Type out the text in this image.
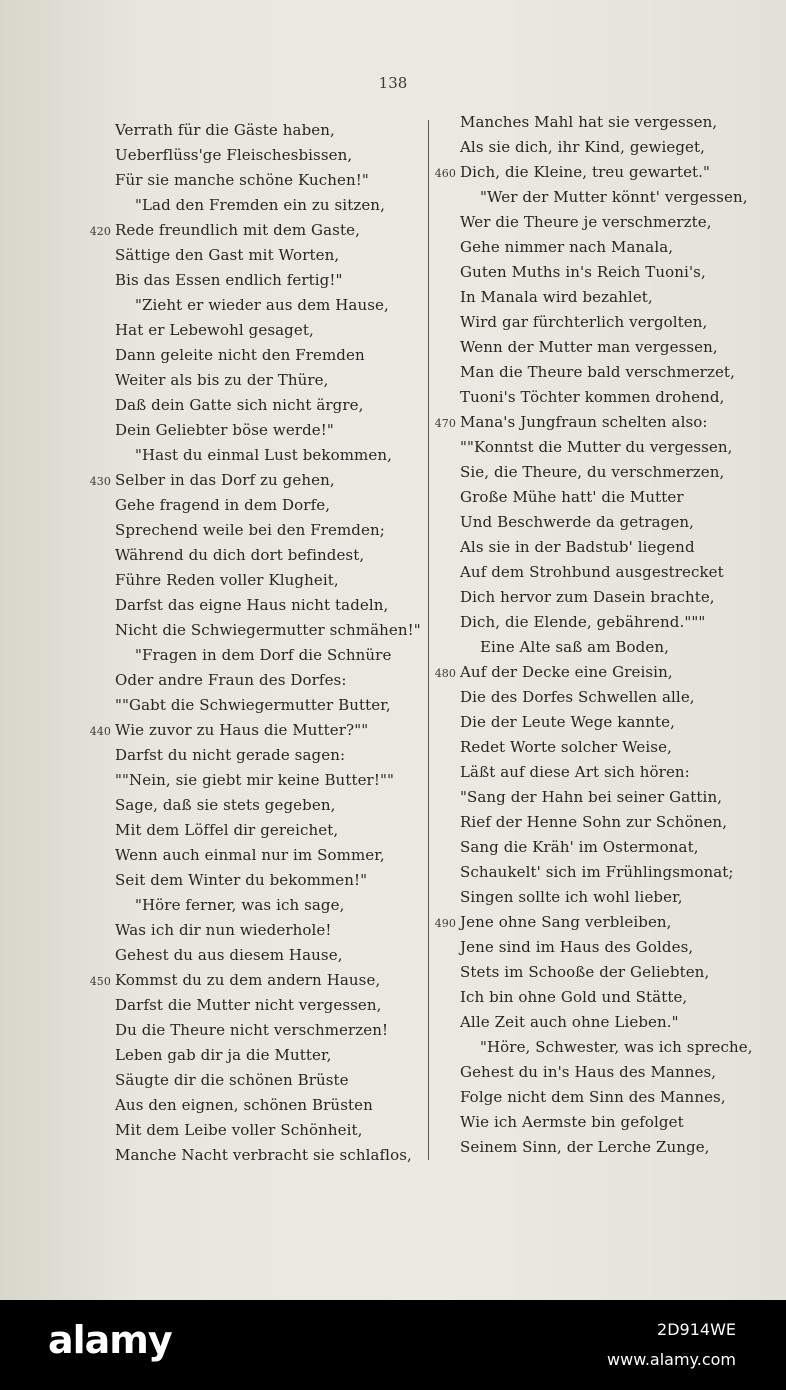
138
Verrath für die Gäste haben,
Ueberflüss'ge Fleischesbissen,
Für sie manche schöne Kuchen!"
"Lad den Fremden ein zu sitzen,
420 Rede freundlich mit dem Gaste,
Sättige den Gast mit Worten,
Bis das Essen endlich fertig!"
"Zieht er wieder aus dem Hause,
Hat er Lebewohl gesaget,
Dann geleite nicht den Fremden
Weiter als bis zu der Thüre,
Daß dein Gatte sich nicht ärgre,
Dein Geliebter böse werde!"
"Hast du einmal Lust bekommen,
430 Selber in das Dorf zu gehen,
Gehe fragend in dem Dorfe,
Sprechend weile bei den Fremden;
Während du dich dort befindest,
Führe Reden voller Klugheit,
Darfst das eigne Haus nicht tadeln,
Nicht die Schwiegermutter schmähen!"
"Fragen in dem Dorf die Schnüre
Oder andre Fraun des Dorfes:
""Gabt die Schwiegermutter Butter,
440 Wie zuvor zu Haus die Mutter?""
Darfst du nicht gerade sagen:
""Nein, sie giebt mir keine Butter!""
Sage, daß sie stets gegeben,
Mit dem Löffel dir gereichet,
Wenn auch einmal nur im Sommer,
Seit dem Winter du bekommen!"
"Höre ferner, was ich sage,
Was ich dir nun wiederhole!
Gehest du aus diesem Hause,
450 Kommst du zu dem andern Hause,
Darfst die Mutter nicht vergessen,
Du die Theure nicht verschmerzen!
Leben gab dir ja die Mutter,
Säugte dir die schönen Brüste
Aus den eignen, schönen Brüsten
Mit dem Leibe voller Schönheit,
Manche Nacht verbracht sie schlaflos,
Manches Mahl hat sie vergessen,
Als sie dich, ihr Kind, gewieget,
460 Dich, die Kleine, treu gewartet."
"Wer der Mutter könnt' vergessen,
Wer die Theure je verschmerzte,
Gehe nimmer nach Manala,
Guten Muths in's Reich Tuoni's,
In Manala wird bezahlet,
Wird gar fürchterlich vergolten,
Wenn der Mutter man vergessen,
Man die Theure bald verschmerzet,
Tuoni's Töchter kommen drohend,
470 Mana's Jungfraun schelten also:
""Konntst die Mutter du vergessen,
Sie, die Theure, du verschmerzen,
Große Mühe hatt' die Mutter
Und Beschwerde da getragen,
Als sie in der Badstub' liegend
Auf dem Strohbund ausgestrecket
Dich hervor zum Dasein brachte,
Dich, die Elende, gebährend."""
Eine Alte saß am Boden,
480 Auf der Decke eine Greisin,
Die des Dorfes Schwellen alle,
Die der Leute Wege kannte,
Redet Worte solcher Weise,
Läßt auf diese Art sich hören:
"Sang der Hahn bei seiner Gattin,
Rief der Henne Sohn zur Schönen,
Sang die Kräh' im Ostermonat,
Schaukelt' sich im Frühlingsmonat;
Singen sollte ich wohl lieber,
490 Jene ohne Sang verbleiben,
Jene sind im Haus des Goldes,
Stets im Schooße der Geliebten,
Ich bin ohne Gold und Stätte,
Alle Zeit auch ohne Lieben."
"Höre, Schwester, was ich spreche,
Gehest du in's Haus des Mannes,
Folge nicht dem Sinn des Mannes,
Wie ich Aermste bin gefolget
Seinem Sinn, der Lerche Zunge,
alamy	2D914WE
www.alamy.com
